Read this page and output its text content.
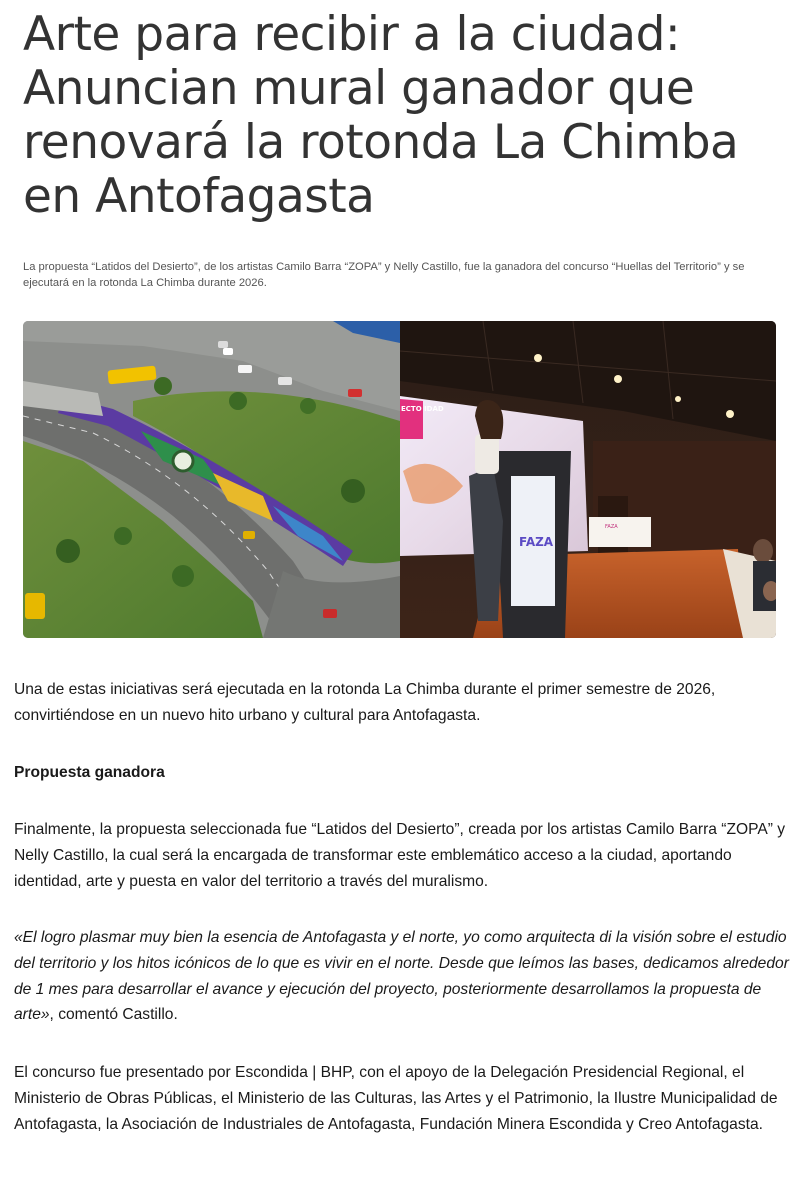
Arte para recibir a la ciudad: Anuncian mural ganador que renovará la rotonda La Chimba en Antofagasta

La propuesta “Latidos del Desierto”, de los artistas Camilo Barra “ZOPA” y Nelly Castillo, fue la ganadora del concurso “Huellas del Territorio” y se ejecutará en la rotonda La Chimba durante 2026.

ECTO IDAD
FAZA
FAZA

Una de estas iniciativas será ejecutada en la rotonda La Chimba durante el primer semestre de 2026, convirtiéndose en un nuevo hito urbano y cultural para Antofagasta.

Propuesta ganadora

Finalmente, la propuesta seleccionada fue “Latidos del Desierto”, creada por los artistas Camilo Barra “ZOPA” y Nelly Castillo, la cual será la encargada de transformar este emblemático acceso a la ciudad, aportando identidad, arte y puesta en valor del territorio a través del muralismo.

«El logro plasmar muy bien la esencia de Antofagasta y el norte, yo como arquitecta di la visión sobre el estudio del territorio y los hitos icónicos de lo que es vivir en el norte. Desde que leímos las bases, dedicamos alrededor de 1 mes para desarrollar el avance y ejecución del proyecto, posteriormente desarrollamos la propuesta de arte», comentó Castillo.

El concurso fue presentado por Escondida | BHP, con el apoyo de la Delegación Presidencial Regional, el Ministerio de Obras Públicas, el Ministerio de las Culturas, las Artes y el Patrimonio, la Ilustre Municipalidad de Antofagasta, la Asociación de Industriales de Antofagasta, Fundación Minera Escondida y Creo Antofagasta.
